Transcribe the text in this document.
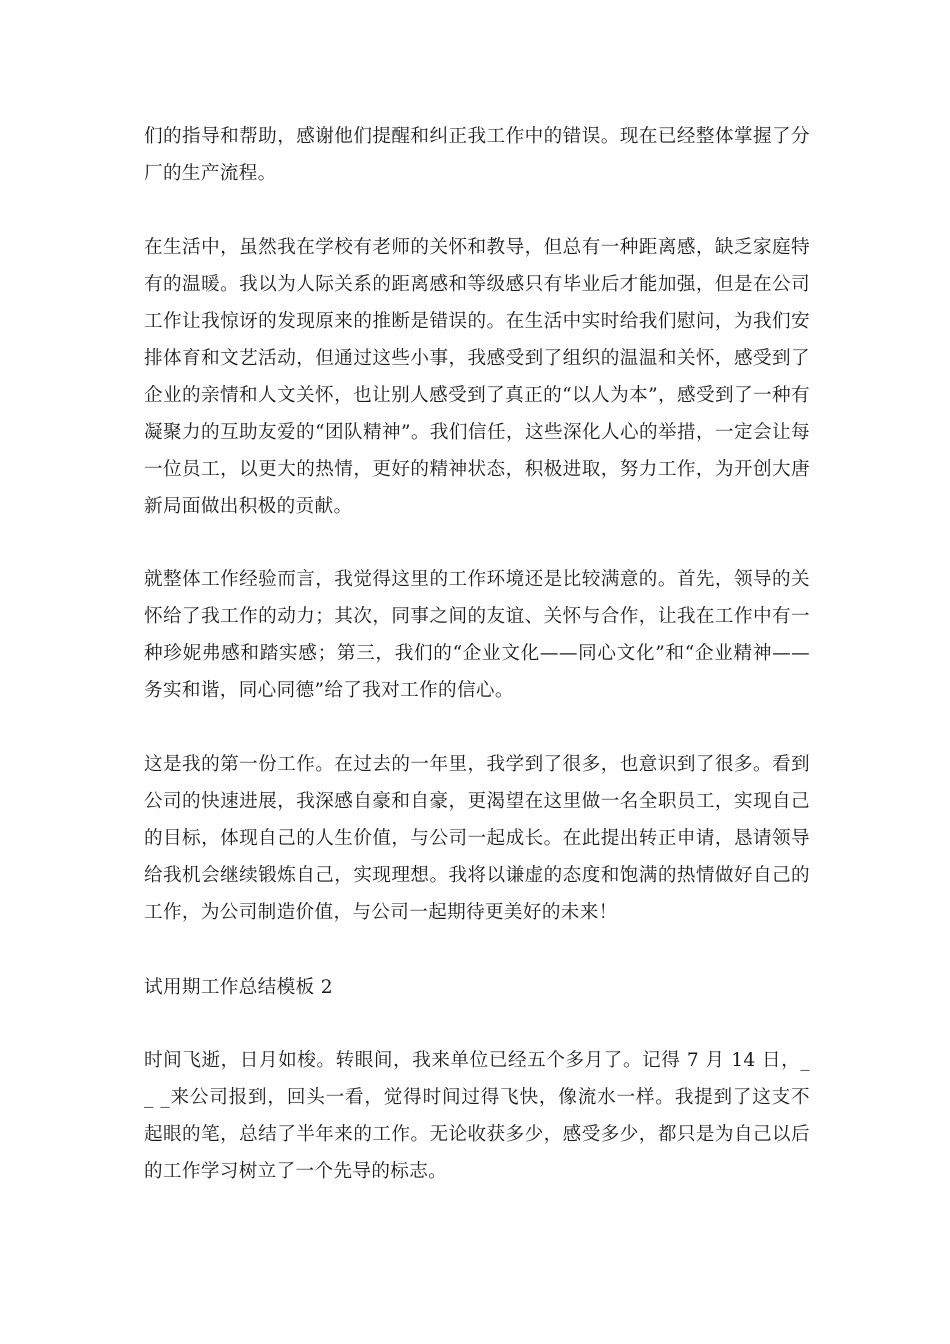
们的指导和帮助，感谢他们提醒和纠正我工作中的错误。现在已经整体掌握了分厂的生产流程。

在生活中，虽然我在学校有老师的关怀和教导，但总有一种距离感，缺乏家庭特有的温暖。我以为人际关系的距离感和等级感只有毕业后才能加强，但是在公司工作让我惊讶的发现原来的推断是错误的。在生活中实时给我们慰问，为我们安排体育和文艺活动，但通过这些小事，我感受到了组织的温温和关怀，感受到了企业的亲情和人文关怀，也让别人感受到了真正的“以人为本”，感受到了一种有凝聚力的互助友爱的“团队精神”。我们信任，这些深化人心的举措，一定会让每一位员工，以更大的热情，更好的精神状态，积极进取，努力工作，为开创大唐新局面做出积极的贡献。

就整体工作经验而言，我觉得这里的工作环境还是比较满意的。首先，领导的关怀给了我工作的动力；其次，同事之间的友谊、关怀与合作，让我在工作中有一种珍妮弗感和踏实感；第三，我们的“企业文化——同心文化”和“企业精神——务实和谐，同心同德”给了我对工作的信心。

这是我的第一份工作。在过去的一年里，我学到了很多，也意识到了很多。看到公司的快速进展，我深感自豪和自豪，更渴望在这里做一名全职员工，实现自己的目标，体现自己的人生价值，与公司一起成长。在此提出转正申请，恳请领导给我机会继续锻炼自己，实现理想。我将以谦虚的态度和饱满的热情做好自己的工作，为公司制造价值，与公司一起期待更美好的未来！

试用期工作总结模板 2

时间飞逝，日月如梭。转眼间，我来单位已经五个多月了。记得 7 月 14 日，_ _ _来公司报到，回头一看，觉得时间过得飞快，像流水一样。我提到了这支不起眼的笔，总结了半年来的工作。无论收获多少，感受多少，都只是为自己以后的工作学习树立了一个先导的标志。
